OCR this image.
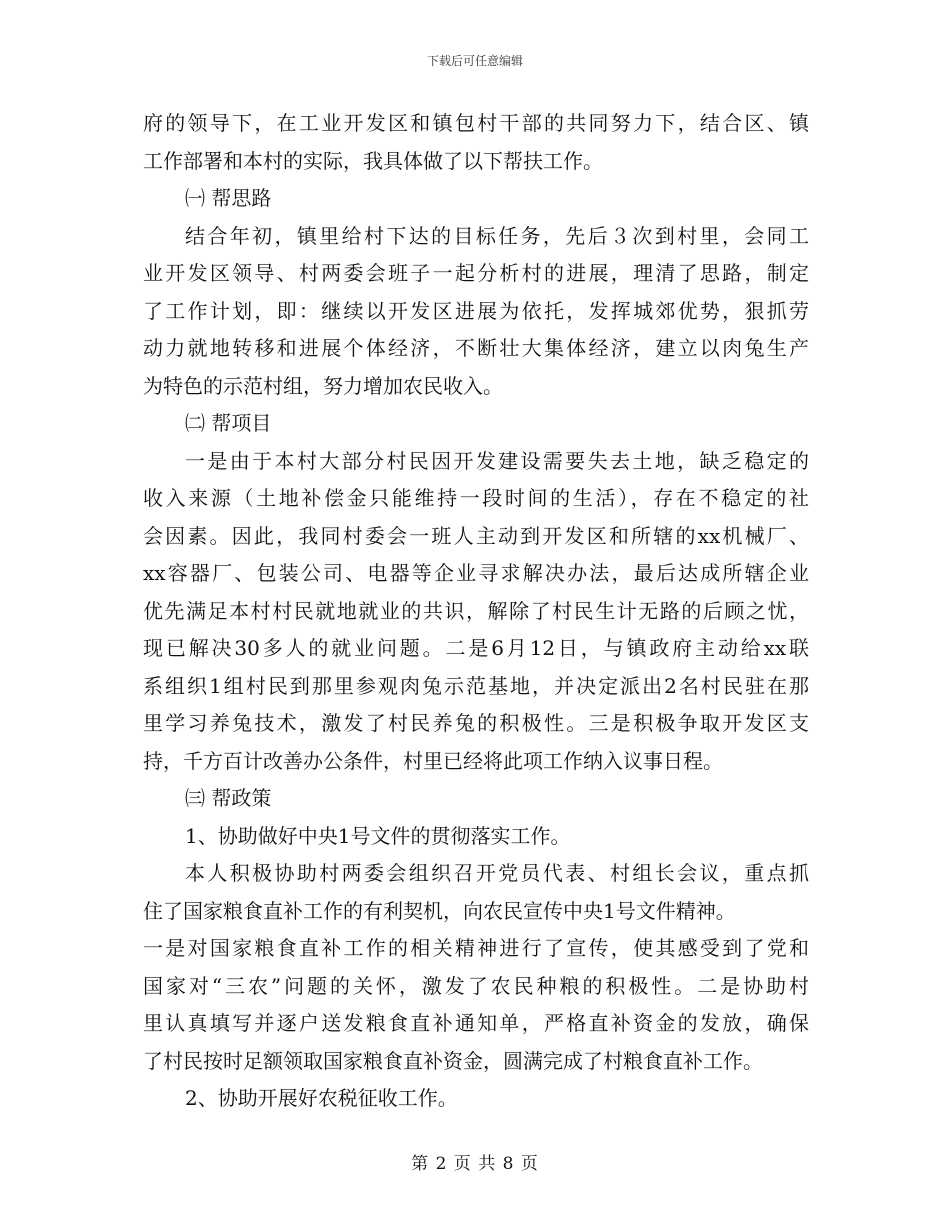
下载后可任意编辑
府的领导下，在工业开发区和镇包村干部的共同努力下，结合区、镇
工作部署和本村的实际，我具体做了以下帮扶工作。
㈠ 帮思路
结合年初，镇里给村下达的目标任务，先后３次到村里，会同工
业开发区领导、村两委会班子一起分析村的进展，理清了思路，制定
了工作计划，即：继续以开发区进展为依托，发挥城郊优势，狠抓劳
动力就地转移和进展个体经济，不断壮大集体经济，建立以肉兔生产
为特色的示范村组，努力增加农民收入。
㈡ 帮项目
一是由于本村大部分村民因开发建设需要失去土地，缺乏稳定的
收入来源（土地补偿金只能维持一段时间的生活），存在不稳定的社
会因素。因此，我同村委会一班人主动到开发区和所辖的xx机械厂、
xx容器厂、包装公司、电器等企业寻求解决办法，最后达成所辖企业
优先满足本村村民就地就业的共识，解除了村民生计无路的后顾之忧，
现已解决30多人的就业问题。二是6月12日，与镇政府主动给xx联
系组织1组村民到那里参观肉兔示范基地，并决定派出2名村民驻在那
里学习养兔技术，激发了村民养兔的积极性。三是积极争取开发区支
持，千方百计改善办公条件，村里已经将此项工作纳入议事日程。
㈢ 帮政策
1、协助做好中央1号文件的贯彻落实工作。
本人积极协助村两委会组织召开党员代表、村组长会议，重点抓
住了国家粮食直补工作的有利契机，向农民宣传中央1号文件精神。
一是对国家粮食直补工作的相关精神进行了宣传，使其感受到了党和
国家对“三农”问题的关怀，激发了农民种粮的积极性。二是协助村
里认真填写并逐户送发粮食直补通知单，严格直补资金的发放，确保
了村民按时足额领取国家粮食直补资金，圆满完成了村粮食直补工作。
2、协助开展好农税征收工作。
第 2 页 共 8 页
